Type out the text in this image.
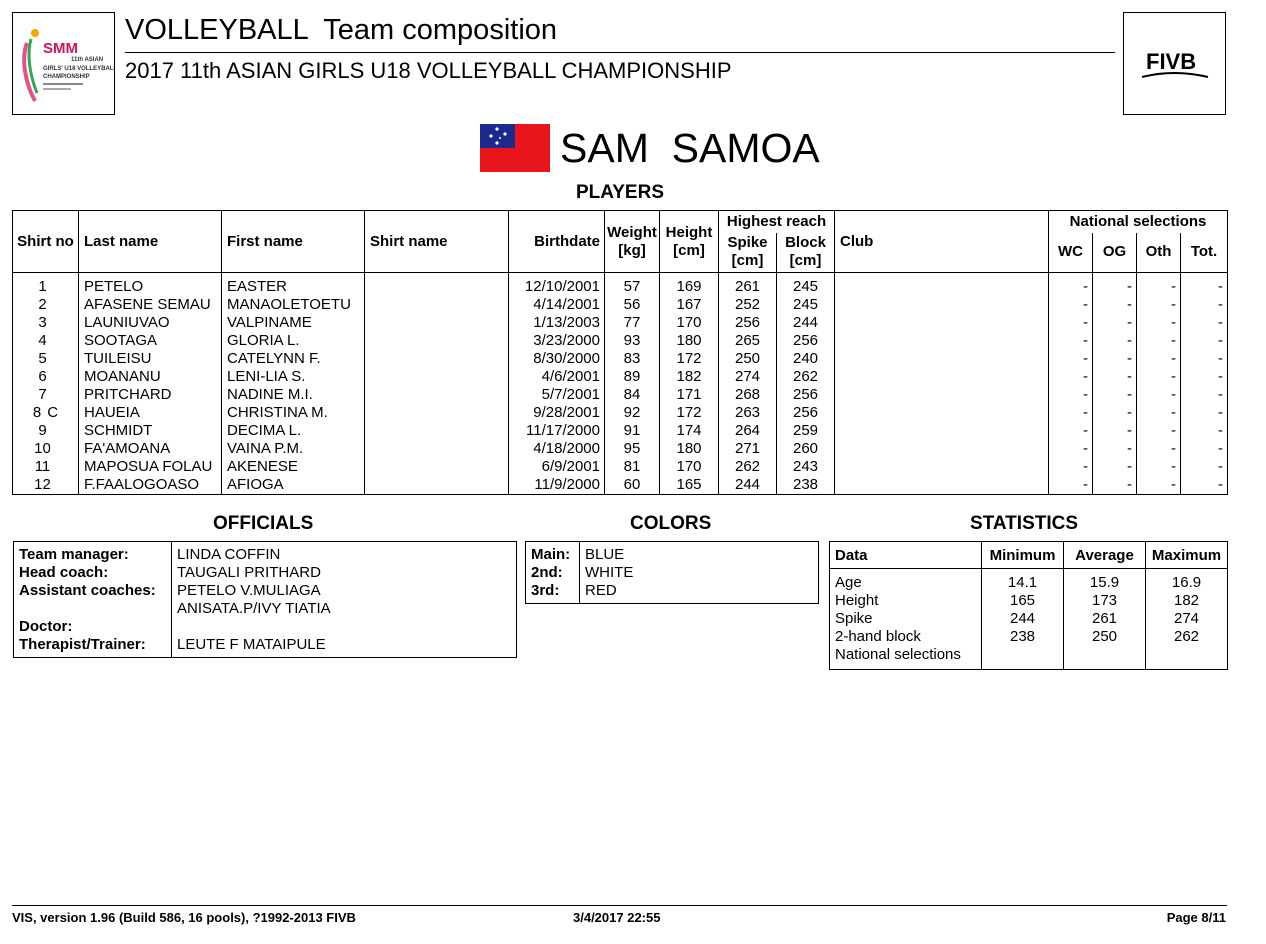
SMM
11th ASIAN
GIRLS' U18 VOLLEYBALL
CHAMPIONSHIP
VOLLEYBALL  Team composition
2017 11th ASIAN GIRLS U18 VOLLEYBALL CHAMPIONSHIP	FIVB
SAM  SAMOA
PLAYERS
Shirt no	Last name	First name	Shirt name	Birthdate	Weight [kg]	Height [cm]	Highest reach		Club	National selections			
							Spike [cm]	Block [cm]		WC	OG	Oth	Tot.
1	PETELO	EASTER		12/10/2001	57	169	261	245		-	-	-	-
2	AFASENE SEMAU	MANAOLETOETU		4/14/2001	56	167	252	245		-	-	-	-
3	LAUNIUVAO	VALPINAME		1/13/2003	77	170	256	244		-	-	-	-
4	SOOTAGA	GLORIA L.		3/23/2000	93	180	265	256		-	-	-	-
5	TUILEISU	CATELYNN F.		8/30/2000	83	172	250	240		-	-	-	-
6	MOANANU	LENI-LIA S.		4/6/2001	89	182	274	262		-	-	-	-
7	PRITCHARD	NADINE M.I.		5/7/2001	84	171	268	256		-	-	-	-
8 C	HAUEIA	CHRISTINA M.		9/28/2001	92	172	263	256		-	-	-	-
9	SCHMIDT	DECIMA L.		11/17/2000	91	174	264	259		-	-	-	-
10	FA'AMOANA	VAINA P.M.		4/18/2000	95	180	271	260		-	-	-	-
11	MAPOSUA FOLAU	AKENESE		6/9/2001	81	170	262	243		-	-	-	-
12	F.FAALOGOASO	AFIOGA		11/9/2000	60	165	244	238		-	-	-	-
OFFICIALS
Team manager:	LINDA COFFIN
Head coach:	TAUGALI PRITHARD
Assistant coaches: PETELO V.MULIAGA
ANISATA.P/IVY TIATIA
Doctor:
Therapist/Trainer: LEUTE F MATAIPULE
COLORS
Main: BLUE
2nd: WHITE
3rd: RED
STATISTICS
Data	Minimum	Average	Maximum
Age	14.1	15.9	16.9
Height	165	173	182
Spike	244	261	274
2-hand block	238	250	262
National selections			
VIS, version 1.96 (Build 586, 16 pools), ?1992-2013 FIVB	3/4/2017 22:55	Page 8/11
